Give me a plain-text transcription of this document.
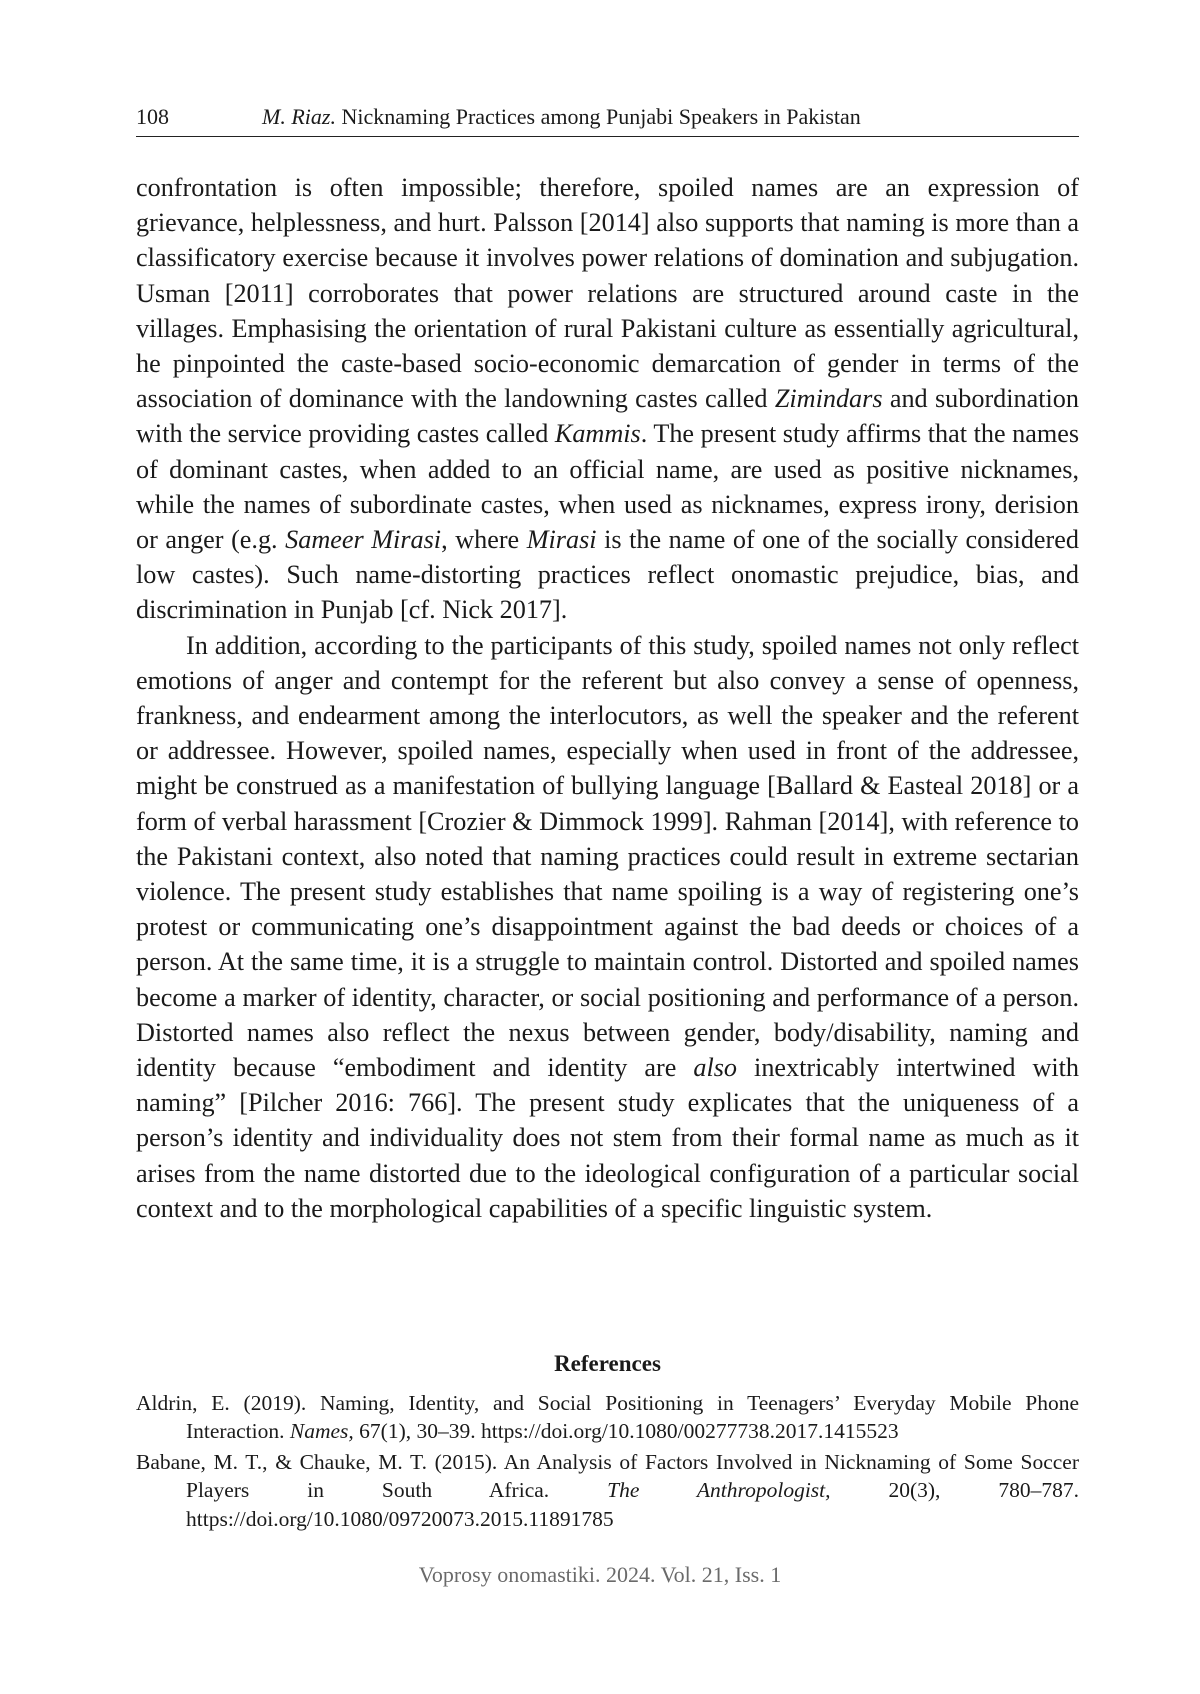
108	M. Riaz. Nicknaming Practices among Punjabi Speakers in Pakistan

confrontation is often impossible; therefore, spoiled names are an expression of grievance, helplessness, and hurt. Palsson [2014] also supports that naming is more than a classificatory exercise because it involves power relations of domination and subjugation. Usman [2011] corroborates that power relations are structured around caste in the villages. Emphasising the orientation of rural Pakistani culture as essentially agricultural, he pinpointed the caste-based socio-economic demarcation of gender in terms of the association of dominance with the landowning castes called Zimindars and subordination with the service providing castes called Kammis. The present study affirms that the names of dominant castes, when added to an official name, are used as positive nicknames, while the names of subordinate castes, when used as nicknames, express irony, derision or anger (e.g. Sameer Mirasi, where Mirasi is the name of one of the socially considered low castes). Such name-distorting practices reflect onomastic prejudice, bias, and discrimination in Punjab [cf. Nick 2017].

In addition, according to the participants of this study, spoiled names not only reflect emotions of anger and contempt for the referent but also convey a sense of openness, frankness, and endearment among the interlocutors, as well the speaker and the referent or addressee. However, spoiled names, especially when used in front of the addressee, might be construed as a manifestation of bullying language [Ballard & Easteal 2018] or a form of verbal harassment [Crozier & Dimmock 1999]. Rahman [2014], with reference to the Pakistani context, also noted that naming practices could result in extreme sectarian violence. The present study establishes that name spoiling is a way of registering one’s protest or communicating one’s disappointment against the bad deeds or choices of a person. At the same time, it is a struggle to maintain control. Distorted and spoiled names become a marker of identity, character, or social positioning and performance of a person. Distorted names also reflect the nexus between gender, body/disability, naming and identity because “embodiment and identity are also inextricably intertwined with naming” [Pilcher 2016: 766]. The present study explicates that the uniqueness of a person’s identity and individuality does not stem from their formal name as much as it arises from the name distorted due to the ideological configuration of a particular social context and to the morphological capabilities of a specific linguistic system.

References
Aldrin, E. (2019). Naming, Identity, and Social Positioning in Teenagers’ Everyday Mobile Phone Interaction. Names, 67(1), 30–39. https://doi.org/10.1080/00277738.2017.1415523
Babane, M. T., & Chauke, M. T. (2015). An Analysis of Factors Involved in Nicknaming of Some Soccer Players in South Africa. The Anthropologist, 20(3), 780–787. https://doi.org/10.1080/09720073.2015.11891785
Voprosy onomastiki. 2024. Vol. 21, Iss. 1
